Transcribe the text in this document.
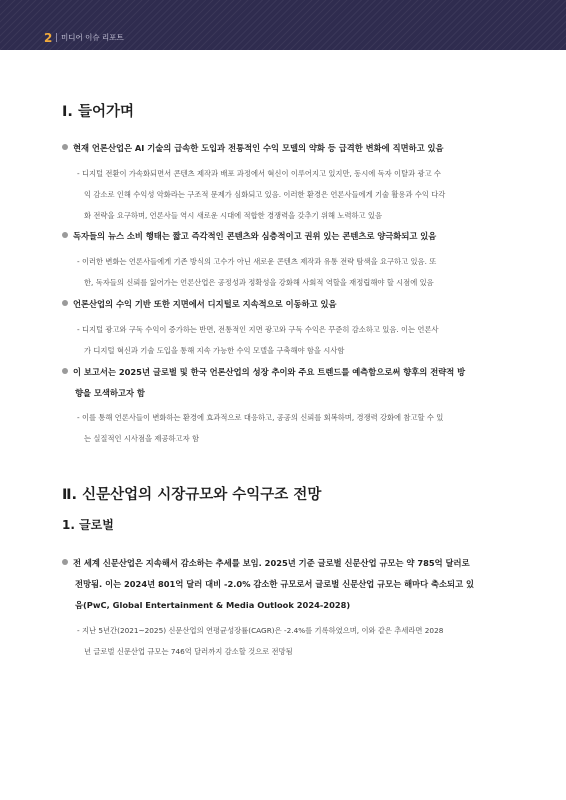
2 미디어 이슈 리포트
I. 들어가며
현재 언론산업은 AI 기술의 급속한 도입과 전통적인 수익 모델의 약화 등 급격한 변화에 직면하고 있음
- 디지털 전환이 가속화되면서 콘텐츠 제작과 배포 과정에서 혁신이 이루어지고 있지만, 동시에 독자 이탈과 광고 수
익 감소로 인해 수익성 악화라는 구조적 문제가 심화되고 있음. 이러한 환경은 언론사들에게 기술 활용과 수익 다각
화 전략을 요구하며, 언론사들 역시 새로운 시대에 적합한 경쟁력을 갖추기 위해 노력하고 있음
독자들의 뉴스 소비 행태는 짧고 즉각적인 콘텐츠와 심층적이고 권위 있는 콘텐츠로 양극화되고 있음
- 이러한 변화는 언론사들에게 기존 방식의 고수가 아닌 새로운 콘텐츠 제작과 유통 전략 탐색을 요구하고 있음. 또
한, 독자들의 신뢰를 잃어가는 언론산업은 공정성과 정확성을 강화해 사회적 역할을 재정립해야 할 시점에 있음
언론산업의 수익 기반 또한 지면에서 디지털로 지속적으로 이동하고 있음
- 디지털 광고와 구독 수익이 증가하는 반면, 전통적인 지면 광고와 구독 수익은 꾸준히 감소하고 있음. 이는 언론사
가 디지털 혁신과 기술 도입을 통해 지속 가능한 수익 모델을 구축해야 함을 시사함
이 보고서는 2025년 글로벌 및 한국 언론산업의 성장 추이와 주요 트렌드를 예측함으로써 향후의 전략적 방
향을 모색하고자 함
- 이를 통해 언론사들이 변화하는 환경에 효과적으로 대응하고, 공공의 신뢰를 회복하며, 경쟁력 강화에 참고할 수 있
는 실질적인 시사점을 제공하고자 함
Ⅱ. 신문산업의 시장규모와 수익구조 전망
1. 글로벌
전 세계 신문산업은 지속해서 감소하는 추세를 보임. 2025년 기준 글로벌 신문산업 규모는 약 785억 달러로
전망됨. 이는 2024년 801억 달러 대비 -2.0% 감소한 규모로서 글로벌 신문산업 규모는 해마다 축소되고 있
음(PwC, Global Entertainment & Media Outlook 2024-2028)
- 지난 5년간(2021~2025) 신문산업의 연평균성장률(CAGR)은 -2.4%를 기록하였으며, 이와 같은 추세라면 2028
년 글로벌 신문산업 규모는 746억 달러까지 감소할 것으로 전망됨
